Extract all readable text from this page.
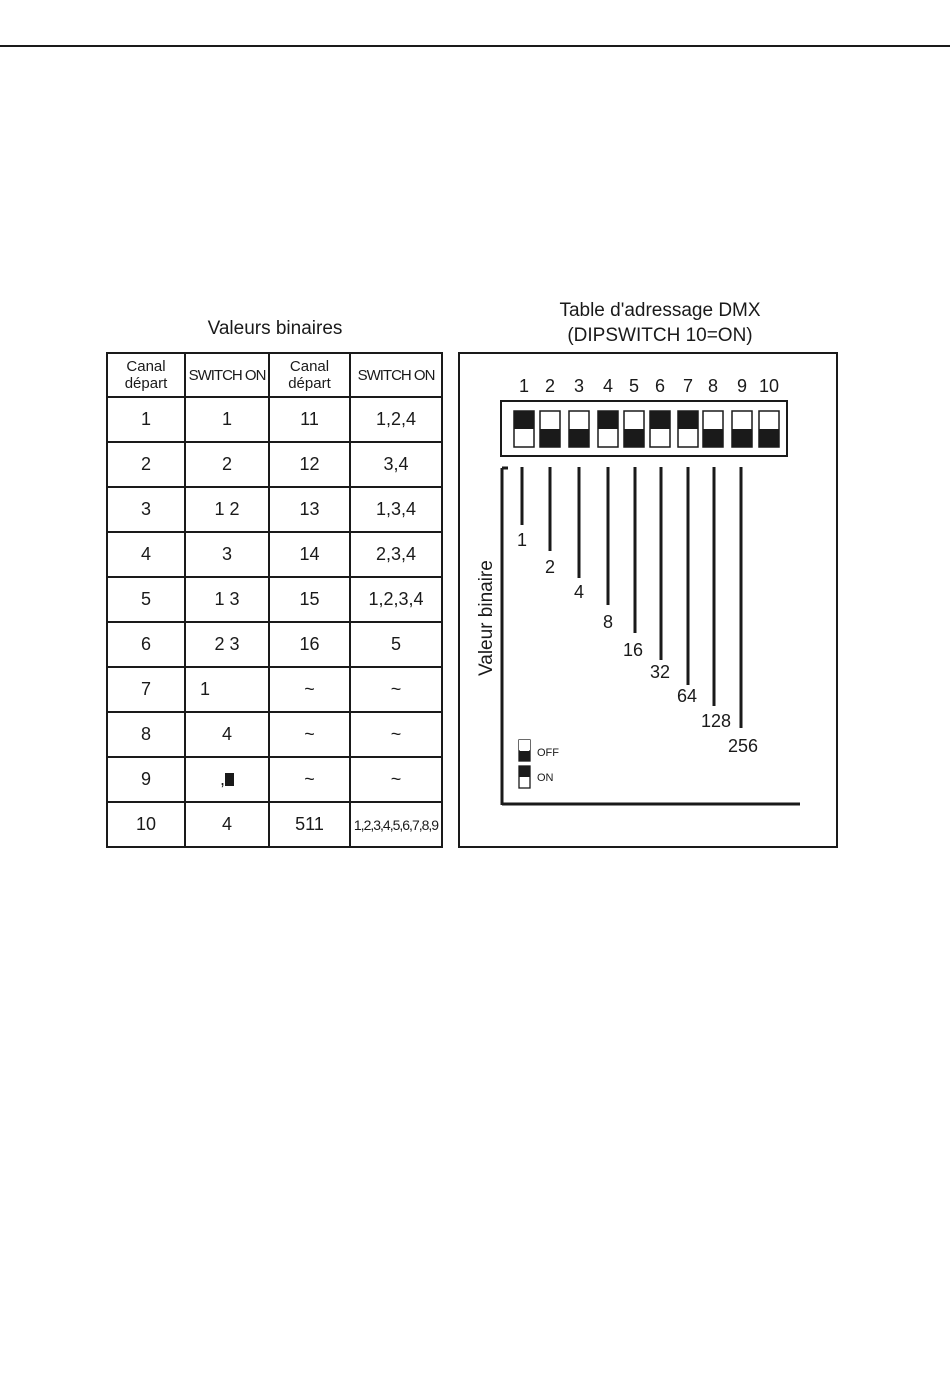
Valeurs binaires
Table d'adressage DMX
(DIPSWITCH 10=ON)
Canal départ	SWITCH ON	Canal départ	SWITCH ON
1	1	11	1,2,4
2	2	12	3,4
3	1 2	13	1,3,4
4	3	14	2,3,4
5	1 3	15	1,2,3,4
6	2 3	16	5
7	1	~	~
8	4	~	~
9	,	~	~
10	4	511	1,2,3,4,5,6,7,8,9
1 2 3 4 5 6 7 8 9 10
Valeur binaire
1
2
4
8
16
32
64
128
256
OFF
ON
